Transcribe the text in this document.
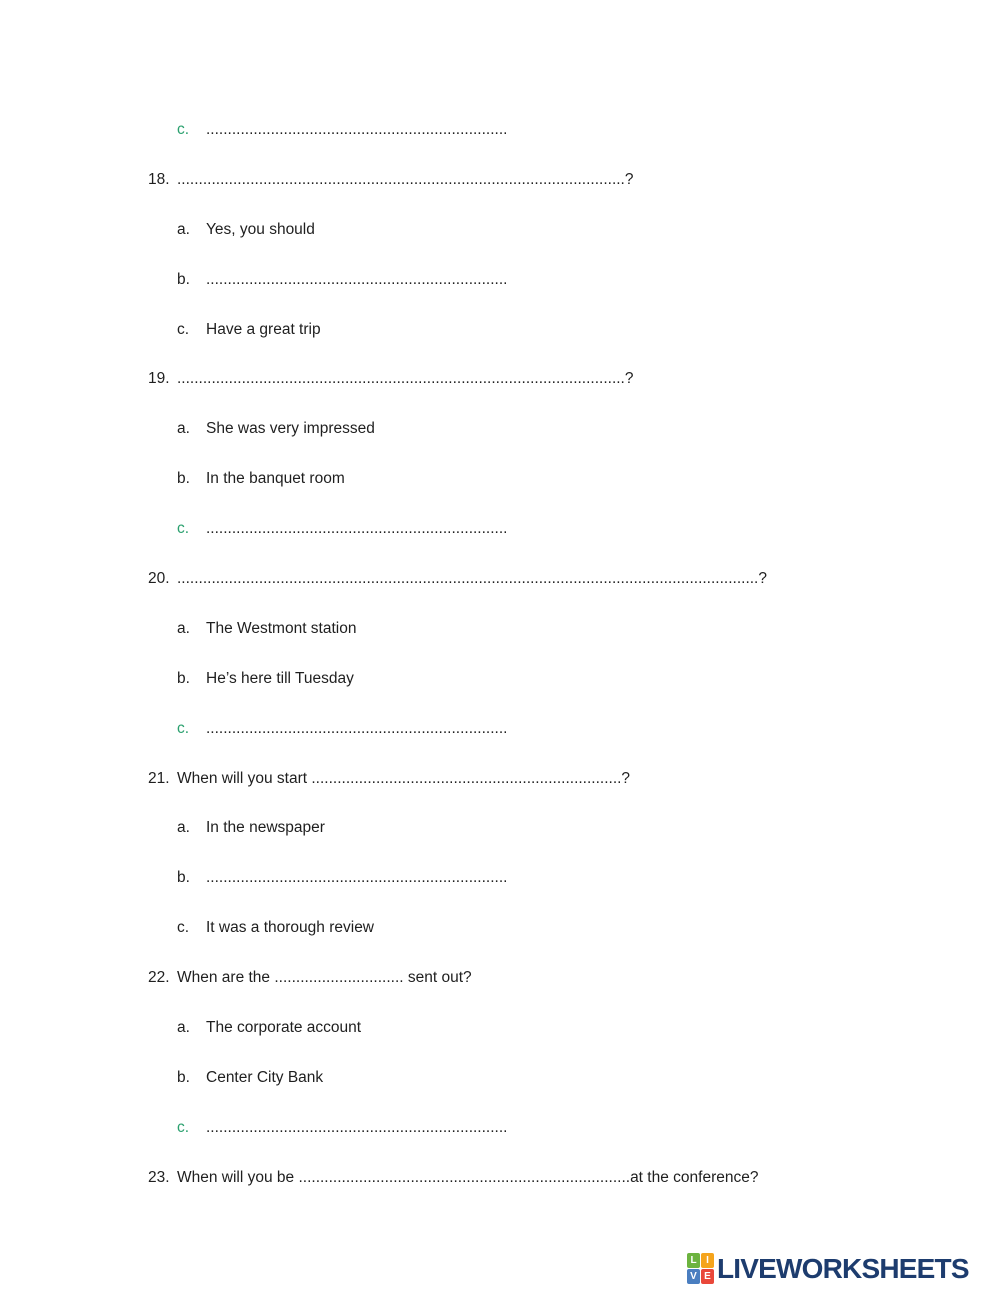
c.	......................................................................
18. ........................................................................................................?
a.	Yes, you should
b.	......................................................................
c.	Have a great trip
19. ........................................................................................................?
a.	She was very impressed
b.	In the banquet room
c.	......................................................................
20. .......................................................................................................................................?
a.	The Westmont station
b.	He’s here till Tuesday
c.	......................................................................
21. When will you start ........................................................................?
a.	In the newspaper
b.	......................................................................
c.	It was a thorough review
22. When are the .............................. sent out?
a.	The corporate account
b.	Center City Bank
c.	......................................................................
23. When will you be .............................................................................at the conference?
L I
V E LIVEWORKSHEETS
